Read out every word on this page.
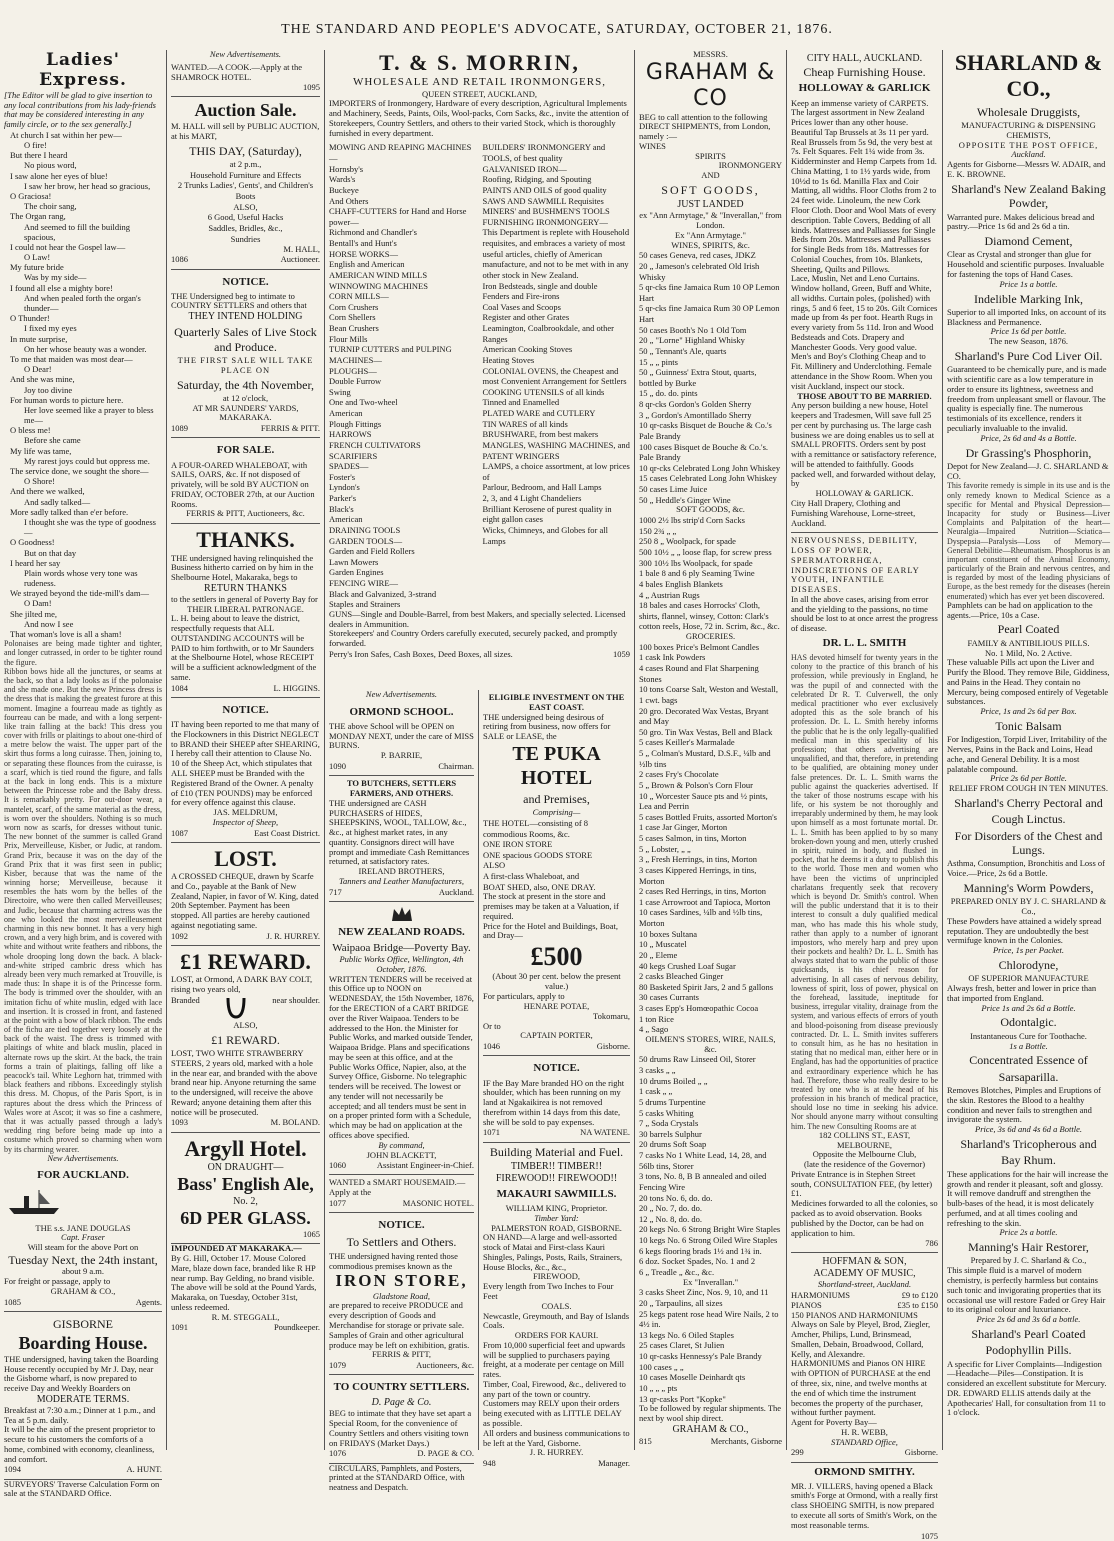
THE STANDARD AND PEOPLE'S ADVOCATE, SATURDAY, OCTOBER 21, 1876.
Ladies' Express.
[The Editor will be glad to give insertion to any local contributions from his lady-friends that may be considered interesting in any family circle, or to the sex generally.]
At church I sat within her pew—
O fire!
But there I heard
No pious word,
I saw alone her eyes of blue!
I saw her brow, her head so gracious,
O Graciosa!
The choir sang,
The Organ rang,
And seemed to fill the building spacious,
I could not hear the Gospel law—
O Law!
My future bride
Was by my side—
I found all else a mighty bore!
And when pealed forth the organ's thunder—
O Thunder!
I fixed my eyes
In mute surprise,
On her whose beauty was a wonder.
To me that maiden was most dear—
O Dear!
And she was mine,
Joy too divine
For human words to picture here.
Her love seemed like a prayer to bless me—
O bless me!
Before she came
My life was tame,
My rarest joys could but oppress me.
The service done, we sought the shore—
O Shore!
And there we walked,
And sadly talked—
More sadly talked than e'er before.
I thought she was the type of goodness—
O Goodness!
But on that day
I heard her say
Plain words whose very tone was rudeness.
We strayed beyond the tide-mill's dam—
O Dam!
She jilted me,
And now I see
That woman's love is all a sham!
Polonaises are being made tighter and tighter, and longer cutrassed, in order to be tighter round the figure.
Ribbon bows hide all the junctures, or seams at the back, so that a lady looks as if the polonaise and she made one. But the new Princess dress is the dress that is making the greatest furore at this moment. Imagine a fourreau made as tightly as fourreau can be made, and with a long serpent-like train falling at the back! This dress you cover with frills or plaitings to about one-third of a metre below the waist. The upper part of the skirt thus forms a long cuirasse. Then, joining to, or separating these flounces from the cuirasse, is a scarf, which is tied round the figure, and falls at the back in long ends. This is a mixture between the Princesse robe and the Baby dress. It is remarkably pretty. For out-door wear, a mantelet, scarf, of the same material as the dress, is worn over the shoulders. Nothing is so much worn now as scarfs, for dresses without tunic. The new bonnet of the summer is called Grand Prix, Merveilleuse, Kisber, or Judic, at random. Grand Prix, because it was on the day of the Grand Prix that it was first seen in public; Kisber, because that was the name of the winning horse; Merveilleuse, because it resembles the hats worn by the belles of the Directoire, who were then called Merveilleuses; and Judic, because that charming actress was the one who looked the most merveilleusement charming in this new bonnet. It has a very high crown, and a very high brim, and is covered with white and without write feathers and ribbons, the whole drooping long down the back. A black-and-white striped cambric dress which has already been very much remarked at Trouville, is made thus: In shape it is of the Princesse form. The body is trimmed over the shoulder, with an imitation fichu of white muslin, edged with lace and insertion. It is crossed in front, and fastened at the point with a bow of black ribbon. The ends of the fichu are tied together very loosely at the back of the waist. The dress is trimmed with plaitings of white and black muslin, placed in alternate rows up the skirt. At the back, the train forms a train of plaitings, falling off like a peacock's tail. White Leghorn hat, trimmed with black feathers and ribbons. Exceedingly stylish this dress. M. Chopus, of the Paris Sport, is in raptures about the dress which the Princess of Wales wore at Ascot; it was so fine a cashmere, that it was actually passed through a lady's wedding ring before being made up into a costume which proved so charming when worn by its charming wearer.
New Advertisements.
FOR AUCKLAND.
THE s.s. JANE DOUGLAS
Capt. Fraser
Will steam for the above Port on
Tuesday Next, the 24th instant,
about 9 a.m.
For freight or passage, apply to
GRAHAM & CO.,
1085	Agents.
GISBORNE
Boarding House.
THE undersigned, having taken the Boarding House recently occupied by Mr J. Day, near the Gisborne wharf, is now prepared to receive Day and Weekly Boarders on
MODERATE TERMS.
Breakfast at 7:30 a.m.; Dinner at 1 p.m., and Tea at 5 p.m. daily.
It will be the aim of the present proprietor to secure to his customers the comforts of a home, combined with economy, cleanliness, and comfort.
1094	A. HUNT.
SURVEYORS' Traverse Calculation Form on sale at the STANDARD Office.
New Advertisements.
WANTED.—A COOK.—Apply at the SHAMROCK HOTEL.
1095
Auction Sale.
M. HALL will sell by PUBLIC AUCTION, at his MART,
THIS DAY, (Saturday),
at 2 p.m.,
Household Furniture and Effects
2 Trunks Ladies', Gents', and Children's Boots
ALSO,
6 Good, Useful Hacks
Saddles, Bridles, &c.,
Sundries
M. HALL,
1086	Auctioneer.
NOTICE.
THE Undersigned beg to intimate to COUNTRY SETTLERS and others that
THEY INTEND HOLDING
Quarterly Sales of Live Stock and Produce.
THE FIRST SALE WILL TAKE PLACE ON
Saturday, the 4th November,
at 12 o'clock,
AT MR SAUNDERS' YARDS, MAKARAKA.
1089	FERRIS & PITT.
FOR SALE.
A FOUR-OARED WHALEBOAT, with SAILS, OARS, &c. If not disposed of privately, will be sold BY AUCTION on FRIDAY, OCTOBER 27th, at our Auction Rooms.
FERRIS & PITT, Auctioneers, &c.
THANKS.
THE undersigned having relinquished the Business hitherto carried on by him in the Shelbourne Hotel, Makaraka, begs to
RETURN THANKS
to the settlers in general of Poverty Bay for
THEIR LIBERAL PATRONAGE.
L. H. being about to leave the district, respectfully requests that ALL OUTSTANDING ACCOUNTS will be PAID to him forthwith, or to Mr Saunders at the Shelbourne Hotel, whose RECEIPT will be a sufficient acknowledgment of the same.
1084	L. HIGGINS.
NOTICE.
IT having been reported to me that many of the Flockowners in this District NEGLECT to BRAND their SHEEP after SHEARING, I hereby call their attention to Clause No. 10 of the Sheep Act, which stipulates that ALL SHEEP must be Branded with the Registered Brand of the Owner. A penalty of £10 (TEN POUNDS) may be enforced for every offence against this clause.
JAS. MELDRUM,
Inspector of Sheep,
1087	East Coast District.
LOST.
A CROSSED CHEQUE, drawn by Scarfe and Co., payable at the Bank of New Zealand, Napier, in favor of W. King, dated 20th September. Payment has been stopped. All parties are hereby cautioned against negotiating same.
1092	J. R. HURREY.
£1 REWARD.
LOST, at Ormond, A DARK BAY COLT, rising two years old,
Branded	near shoulder.
ALSO,
£1 REWARD.
LOST, TWO WHITE STRAWBERRY STEERS, 2 years old, marked with a hole in the near ear, and branded with the above brand near hip. Anyone returning the same to the undersigned, will receive the above Reward; anyone detaining them after this notice will be prosecuted.
1093	M. BOLAND.
Argyll Hotel.
ON DRAUGHT—
Bass' English Ale,
No. 2,
6D PER GLASS.
1065
IMPOUNDED AT MAKARAKA.—
By G. Hill, October 17. Mouse Colored Mare, blaze down face, branded like R HP near rump. Bay Gelding, no brand visible. The above will be sold at the Pound Yards, Makaraka, on Tuesday, October 31st, unless redeemed.
R. M. STEGGALL,
1091	Poundkeeper.
T. & S. MORRIN,
WHOLESALE AND RETAIL IRONMONGERS,
QUEEN STREET, AUCKLAND,
IMPORTERS of Ironmongery, Hardware of every description, Agricultural Implements and Machinery, Seeds, Paints, Oils, Wool-packs, Corn Sacks, &c., invite the attention of Storekeepers, Country Settlers, and others to their varied Stock, which is thoroughly furnished in every department.
MOWING AND REAPING MACHINES—
Hornsby's
Wards's
Buckeye
And Others
CHAFF-CUTTERS for Hand and Horse power—
Richmond and Chandler's
Bentall's and Hunt's
HORSE WORKS—
English and American
AMERICAN WIND MILLS
WINNOWING MACHINES
CORN MILLS—
Corn Crushers
Corn Shellers
Bean Crushers
Flour Mills
TURNIP CUTTERS and PULPING MACHINES—
PLOUGHS—
Double Furrow
Swing
One and Two-wheel
American
Plough Fittings
HARROWS
FRENCH CULTIVATORS
SCARIFIERS
SPADES—
Foster's
Lyndon's
Parker's
Black's
American
DRAINING TOOLS
GARDEN TOOLS—
Garden and Field Rollers
Lawn Mowers
Garden Engines
FENCING WIRE—
Black and Galvanized, 3-strand
Staples and Strainers
BUILDERS' IRONMONGERY and TOOLS, of best quality
GALVANISED IRON—
Roofing, Ridging, and Spouting
PAINTS AND OILS of good quality
SAWS AND SAWMILL Requisites
MINERS' and BUSHMEN'S TOOLS
FURNISHING IRONMONGERY—
This Department is replete with Household requisites, and embraces a variety of most useful articles, chiefly of American manufacture, and not to be met with in any other stock in New Zealand.
Iron Bedsteads, single and double
Fenders and Fire-irons
Coal Vases and Scoops
Register and other Grates
Leamington, Coalbrookdale, and other Ranges
American Cooking Stoves
Heating Stoves
COLONIAL OVENS, the Cheapest and most Convenient Arrangement for Settlers
COOKING UTENSILS of all kinds
Tinned and Enamelled
PLATED WARE and CUTLERY
TIN WARES of all kinds
BRUSHWARE, from best makers
MANGLES, WASHING MACHINES, and PATENT WRINGERS
LAMPS, a choice assortment, at low prices of
Parlour, Bedroom, and Hall Lamps
2, 3, and 4 Light Chandeliers
Brilliant Kerosene of purest quality in eight gallon cases
Wicks, Chimneys, and Globes for all Lamps
GUNS—Single and Double-Barrel, from best Makers, and specially selected. Licensed dealers in Ammunition.
Storekeepers' and Country Orders carefully executed, securely packed, and promptly forwarded.
Perry's Iron Safes, Cash Boxes, Deed Boxes, all sizes.	1059
New Advertisements.
ORMOND SCHOOL.
THE above School will be OPEN on MONDAY NEXT, under the care of MISS BURNS.
P. BARRIE,
1090	Chairman.
TO BUTCHERS, SETTLERS FARMERS, AND OTHERS.
THE undersigned are CASH PURCHASERS of HIDES, SHEEPSKINS, WOOL, TALLOW, &c., &c., at highest market rates, in any quantity. Consignors direct will have prompt and immediate Cash Remittances returned, at satisfactory rates.
IRELAND BROTHERS,
Tanners and Leather Manufacturers,
717	Auckland.
NEW ZEALAND ROADS.
Waipaoa Bridge—Poverty Bay.
Public Works Office, Wellington, 4th October, 1876.
WRITTEN TENDERS will be received at this Office up to NOON on WEDNESDAY, the 15th November, 1876, for the ERECTION of a CART BRIDGE over the River Waipaoa. Tenders to be addressed to the Hon. the Minister for Public Works, and marked outside Tender, Waipaoa Bridge. Plans and specifications may be seen at this office, and at the Public Works Office, Napier, also, at the Survey Office, Gisborne. No telegraphic tenders will be received. The lowest or any tender will not necessarily be accepted; and all tenders must be sent in on a proper printed form with a Schedule, which may be had on application at the offices above specified.
By command,
JOHN BLACKETT,
1060	Assistant Engineer-in-Chief.
WANTED a SMART HOUSEMAID.—Apply at the
1077	MASONIC HOTEL.
NOTICE.
To Settlers and Others.
THE undersigned having rented those commodious premises known as the
IRON STORE,
Gladstone Road,
are prepared to receive PRODUCE and every description of Goods and Merchandise for storage or private sale. Samples of Grain and other agricultural produce may be left on exhibition, gratis.
FERRIS & PITT,
1079	Auctioneers, &c.
TO COUNTRY SETTLERS.
D. Page & Co.
BEG to intimate that they have set apart a Special Room, for the convenience of Country Settlers and others visiting town on FRIDAYS (Market Days.)
1076	D. PAGE & CO.
CIRCULARS, Pamphlets, and Posters, printed at the STANDARD Office, with neatness and Despatch.
ELIGIBLE INVESTMENT ON THE EAST COAST.
THE undersigned being desirous of retiring from business, now offers for SALE or LEASE, the
TE PUKA HOTEL
and Premises,
Comprising—
THE HOTEL—consisting of 8 commodious Rooms, &c.
ONE IRON STORE
ONE spacious GOODS STORE
ALSO
A first-class Whaleboat, and
BOAT SHED, also, ONE DRAY.
The stock at present in the store and premises may be taken at a Valuation, if required.
Price for the Hotel and Buildings, Boat, and Dray—
£500
(About 30 per cent. below the present value.)
For particulars, apply to
HENARE POTAE,
Tokomaru,
Or to
CAPTAIN PORTER,
1046	Gisborne.
NOTICE.
IF the Bay Mare branded HO on the right shoulder, which has been running on my land at Ngakaikirea is not removed therefrom within 14 days from this date, she will be sold to pay expenses.
1071	NA WATENE.
Building Material and Fuel.
TIMBER!! TIMBER!!
FIREWOOD!! FIREWOOD!!
MAKAURI SAWMILLS.
WILLIAM KING, Proprietor.
Timber Yard:
PALMERSTON ROAD, GISBORNE.
ON HAND—A large and well-assorted stock of Matai and First-class Kauri Shingles, Palings, Posts, Rails, Strainers, House Blocks, &c., &c.,
FIREWOOD,
Every length from Two Inches to Four Feet
COALS.
Newcastle, Greymouth, and Bay of Islands Coals.
ORDERS FOR KAURI.
From 10,000 superficial feet and upwards will be supplied to purchasers paying freight, at a moderate per centage on Mill rates.
Timber, Coal, Firewood, &c., delivered to any part of the town or country.
Customers may RELY upon their orders being executed with as LITTLE DELAY as possible.
All orders and business communications to be left at the Yard, Gisborne.
J. R. HURREY.
948	Manager.
MESSRS.
GRAHAM & CO
BEG to call attention to the following DIRECT SHIPMENTS, from London, namely :—
WINES
SPIRITS
IRONMONGERY
AND
SOFT GOODS,
JUST LANDED
ex "Ann Armytage," & "Inverallan," from London.
Ex "Ann Armytage."
WINES, SPIRITS, &c.
50 cases Geneva, red cases, JDKZ
20 „ Jameson's celebrated Old Irish Whisky
5 qr-cks fine Jamaica Rum 10 OP Lemon Hart
5 qr-cks fine Jamaica Rum 30 OP Lemon Hart
50 cases Booth's No 1 Old Tom
20 „ "Lorne" Highland Whisky
50 „ Tennant's Ale, quarts
15 „ „ pints
50 „ Guinness' Extra Stout, quarts, bottled by Burke
15 „ do. do. pints
8 qr-cks Gordon's Golden Sherry
3 „ Gordon's Amontillado Sherry
10 qr-casks Bisquet de Bouche & Co.'s Pale Brandy
100 cases Bisquet de Bouche & Co.'s. Pale Brandy
10 qr-cks Celebrated Long John Whiskey
15 cases Celebrated Long John Whiskey
50 cases Lime Juice
50 „ Heddle's Ginger Wine
SOFT GOODS, &c.
1000 2½ lbs strip'd Corn Sacks
150 2¾ „ „
250 8 „ Woolpack, for spade
500 10½ „ „ loose flap, for screw press
300 10½ lbs Woolpack, for spade
1 bale 8 and 6 ply Seaming Twine
4 bales English Blankets
4 „ Austrian Rugs
18 bales and cases Horrocks' Cloth, shirts, flannel, winsey, Cotton: Clark's cotton reels, Hose, 72 in. Scrim, &c., &c.
GROCERIES.
100 boxes Price's Belmont Candles
1 cask Ink Powders
4 cases Round and Flat Sharpening Stones
10 tons Coarse Salt, Weston and Westall, 1 cwt. bags
20 gro. Decorated Wax Vestas, Bryant and May
50 gro. Tin Wax Vestas, Bell and Black
5 cases Keiller's Marmalade
5 „ Colman's Mustard, D.S.F., ¼lb and ½lb tins
2 cases Fry's Chocolate
5 „ Brown & Polson's Corn Flour
10 „ Worcester Sauce pts and ½ pints, Lea and Perrin
5 cases Bottled Fruits, assorted Morton's
1 case Jar Ginger, Morton
5 cases Salmon, in tins, Morton
5 „ Lobster, „ „
3 „ Fresh Herrings, in tins, Morton
3 cases Kippered Herrings, in tins, Morton
2 cases Red Herrings, in tins, Morton
1 case Arrowroot and Tapioca, Morton
10 cases Sardines, ¼lb and ½lb tins, Morton
10 boxes Sultana
10 „ Muscatel
20 „ Eleme
40 kegs Crushed Loaf Sugar
2 casks Bleached Ginger
80 Basketed Spirit Jars, 2 and 5 gallons
30 cases Currants
3 cases Epp's Homœopathic Cocoa
1 ton Rice
4 „ Sago
OILMEN'S STORES, WIRE, NAILS, &c.
50 drums Raw Linseed Oil, Storer
3 casks „ „
10 drums Boiled „ „
1 cask „ „
5 drums Turpentine
5 casks Whiting
7 „ Soda Crystals
30 barrels Sulphur
20 drums Soft Soap
7 casks No 1 White Lead, 14, 28, and 56lb tins, Storer
3 tons, No. 8, B B annealed and oiled Fencing Wire
20 tons No. 6, do. do.
20 „ No. 7, do. do.
12 „ No. 8, do. do.
20 kegs No. 6 Strong Bright Wire Staples
10 kegs No. 6 Strong Oiled Wire Staples
6 kegs flooring brads 1½ and 1¾ in.
6 doz. Socket Spades, No. 1 and 2
6 „ Treadle „ &c., &c.
Ex "Inverallan."
3 casks Sheet Zinc, Nos. 9, 10, and 11
20 „ Tarpaulins, all sizes
25 kegs patent rose head Wire Nails, 2 to 4½ in.
13 kegs No. 6 Oiled Staples
25 cases Claret, St Julien
10 qr-casks Hennessy's Pale Brandy
100 cases „ „
10 cases Moselle Deinhardt qts
10 „ „ „ pts
13 qr-casks Port "Kopke"
To be followed by regular shipments. The next by wool ship direct.
GRAHAM & CO.,
815	Merchants, Gisborne
CITY HALL, AUCKLAND.
Cheap Furnishing House.
HOLLOWAY & GARLICK
Keep an immense variety of CARPETS. The largest assortment in New Zealand Prices lower than any other house.
Beautiful Tap Brussels at 3s 11 per yard. Real Brussels from 5s 9d, the very best at 7s. Felt Squares. Felt 1¼ wide from 3s. Kidderminster and Hemp Carpets from 1d. China Matting, 1 to 1½ yards wide, from 10½d to 1s 6d. Manilla Flax and Coir Matting, all widths. Floor Cloths from 2 to 24 feet wide. Linoleum, the new Cork Floor Cloth. Door and Wool Mats of every description. Table Covers, Bedding of all kinds. Mattresses and Palliasses for Single Beds from 20s. Mattresses and Palliasses for Single Beds from 18s. Mattresses for Colonial Couches, from 10s. Blankets, Sheeting, Quilts and Pillows.
Lace, Muslin, Net and Leno Curtains. Window holland, Green, Buff and White, all widths. Curtain poles, (polished) with rings, 5 and 6 feet, 15 to 20s. Gilt Cornices made up from 4s per foot. Hearth Rugs in every variety from 5s 11d. Iron and Wood Bedsteads and Cots. Drapery and Manchester Goods. Very good value. Men's and Boy's Clothing Cheap and to Fit. Millinery and Underclothing. Female attendance in the Show Room. When you visit Auckland, inspect our stock.
THOSE ABOUT TO BE MARRIED.
Any person building a new house, Hotel keepers and Tradesmen, Will save full 25 per cent by purchasing us. The large cash business we are doing enables us to sell at SMALL PROFITS. Orders sent by post with a remittance or satisfactory reference, will be attended to faithfully. Goods packed well, and forwarded without delay, by
HOLLOWAY & GARLICK.
City Hall Drapery, Clothing and Furnishing Warehouse, Lorne-street, Auckland.
NERVOUSNESS, DEBILITY, LOSS OF POWER, SPERMATORRHŒA, INDISCRETIONS OF EARLY YOUTH, INFANTILE DISEASES.
In all the above cases, arising from error and the yielding to the passions, no time should be lost to at once arrest the progress of disease.
DR. L. L. SMITH
HAS devoted himself for twenty years in the colony to the practice of this branch of his profession, while previously in England, he was the pupil of and connected with the celebrated Dr R. T. Culverwell, the only medical practitioner who ever exclusively adopted this as the sole branch of his profession. Dr. L. L. Smith hereby informs the public that he is the only legally-qualified medical man in this speciality of his profession; that others advertising are unqualified, and that, therefore, in pretending to be qualified, are obtaining money under false pretences. Dr. L. L. Smith warns the public against the quackeries advertised. If the taker of those nostrums escape with his life, or his system be not thoroughly and irreparably undermined by them, he may look upon himself as a most fortunate mortal. Dr. L. L. Smith has been applied to by so many broken-down young and men, utterly crushed in spirit, ruined in body, and flushed in pocket, that he deems it a duty to publish this to the world. Those men and women who have been the victims of unprincipled charlatans frequently seek that recovery which is beyond Dr. Smith's control. When will the public understand that it is to their interest to consult a duly qualified medical man, who has made this his whole study, rather than apply to a number of ignorant impostors, who merely harp and prey upon their pockets and health? Dr. L. L. Smith has always stated that to warn the public of those quicksands, is his chief reason for advertising. In all cases of nervous debility, lowness of spirit, loss of power, physical on the forehead, lassitude, ineptitude for business, irregular vitality, drainage from the system, and various effects of errors of youth and blood-poisoning from disease previously contracted. Dr. L. L. Smith invites sufferers to consult him, as he has no hesitation in stating that no medical man, either here or in England, has had the opportunities of practice and extraordinary experience which he has had. Therefore, those who really desire to be treated by one who is at the head of his profession in his branch of medical practice, should lose no time in seeking his advice. Nor should anyone marry without consulting him. The new Consulting Rooms are at
182 COLLINS ST., EAST, MELBOURNE,
Opposite the Melbourne Club,
(late the residence of the Governor)
Private Entrance is in Stephen Street south, CONSULTATION FEE, (by letter) £1.
Medicines forwarded to all the colonies, so packed as to avoid observation. Books published by the Doctor, can be had on application to him.
786
HOFFMAN & SON,
ACADEMY OF MUSIC,
Shortland-street, Auckland.
HARMONIUMS	£9 to £120
PIANOS	£35 to £150
150 PIANOS AND HARMONIUMS Always on Sale by Pleyel, Brod, Ziegler, Amcher, Philips, Lund, Brinsmead, Smallen, Debain, Broadwood, Collard, Kelly, and Alexandre.
HARMONIUMS and Pianos ON HIRE with OPTION of PURCHASE at the end of three, six, nine, and twelve months at the end of which time the instrument becomes the property of the purchaser, without further payment.
Agent for Poverty Bay—
H. R. WEBB,
STANDARD Office,
299	Gisborne.
ORMOND SMITHY.
MR. J. VILLERS, having opened a Black smith's Forge at Ormond, with a really first class SHOEING SMITH, is now prepared to execute all sorts of Smith's Work, on the most reasonable terms.
1075
SHARLAND & CO.,
Wholesale Druggists,
MANUFACTURING & DISPENSING CHEMISTS,
OPPOSITE THE POST OFFICE,
Auckland.
Agents for Gisborne—Messrs W. ADAIR, and E. K. BROWNE.
Sharland's New Zealand Baking Powder,
Warranted pure. Makes delicious bread and pastry.—Price 1s 6d and 2s 6d a tin.
Diamond Cement,
Clear as Crystal and stronger than glue for Household and scientific purposes. Invaluable for fastening the tops of Hand Cases.
Price 1s a bottle.
Indelible Marking Ink,
Superior to all imported Inks, on account of its Blackness and Permanence.
Price 1s 6d per bottle.
The new Season, 1876.
Sharland's Pure Cod Liver Oil.
Guaranteed to be chemically pure, and is made with scientific care as a low temperature in order to ensure its lightness, sweetness and freedom from unpleasant smell or flavour. The quality is especially fine. The numerous testimonials of its excellence, renders it peculiarly invaluable to the invalid.
Price, 2s 6d and 4s a Bottle.
Dr Grassing's Phosphorin,
Depot for New Zealand—J. C. SHARLAND & CO.
This favorite remedy is simple in its use and is the only remedy known to Medical Science as a specific for Mental and Physical Depression—Incapacity for study or Business—Liver Complaints and Palpitation of the heart—Neuralgia—Impaired Nutrition—Sciatica—Dyspepsia—Paralysis—Loss of Memory—General Debilitie—Rheumatism. Phosphorus is an important constituent of the Animal Economy, particularly of the Brain and nervous centres, and is regarded by most of the leading physicians of Europe, as the best remedy for the diseases (herein enumerated) which has ever yet been discovered.
Pamphlets can be had on application to the agents.—Price, 10s a Case.
Pearl Coated
FAMILY & ANTIBILIOUS PILLS.
No. 1 Mild, No. 2 Active.
These valuable Pills act upon the Liver and Purify the Blood. They remove Bile, Giddiness, and Pains in the Head. They contain no Mercury, being composed entirely of Vegetable substances.
Price, 1s and 2s 6d per Box.
Tonic Balsam
For Indigestion, Torpid Liver, Irritability of the Nerves, Pains in the Back and Loins, Head ache, and General Debility. It is a most palatable compound.
Price 2s 6d per Bottle.
RELIEF FROM COUGH IN TEN MINUTES.
Sharland's Cherry Pectoral and
Cough Linctus.
For Disorders of the Chest and Lungs.
Asthma, Consumption, Bronchitis and Loss of Voice.—Price, 2s 6d a Bottle.
Manning's Worm Powders,
PREPARED ONLY BY J. C. SHARLAND & Co.,
These Powders have attained a widely spread reputation. They are undoubtedly the best vermifuge known in the Colonies.
Price, 1s per Packet.
Chlorodyne,
OF SUPERIOR MANUFACTURE
Always fresh, better and lower in price than that imported from England.
Price 1s and 2s 6d a Bottle.
Odontalgic.
Instantaneous Cure for Toothache.
1s a Bottle.
Concentrated Essence of
Sarsaparilla.
Removes Blotches, Pimples and Eruptions of the skin. Restores the Blood to a healthy condition and never fails to strengthen and invigorate the system.
Price, 3s 6d and 4s 6d a Bottle.
Sharland's Tricopherous and
Bay Rhum.
These applications for the hair will increase the growth and render it pleasant, soft and glossy. It will remove dandruff and strengthen the bulb-bases of the head, it is most delicately perfumed, and at all times cooling and refreshing to the skin.
Price 2s a bottle.
Manning's Hair Restorer,
Prepared by J. C. Sharland & Co.,
This simple fluid is a marvel of modern chemistry, is perfectly harmless but contains such tonic and invigorating properties that its occasional use will restore Faded or Grey Hair to its original colour and luxuriance.
Price 2s 6d and 3s 6d a bottle.
Sharland's Pearl Coated
Podophyllin Pills.
A specific for Liver Complaints—Indigestion—Headache—Piles—Constipation. It is considered an excellent substitute for Mercury.
DR. EDWARD ELLIS attends daily at the Apothecaries' Hall, for consultation from 11 to 1 o'clock.
